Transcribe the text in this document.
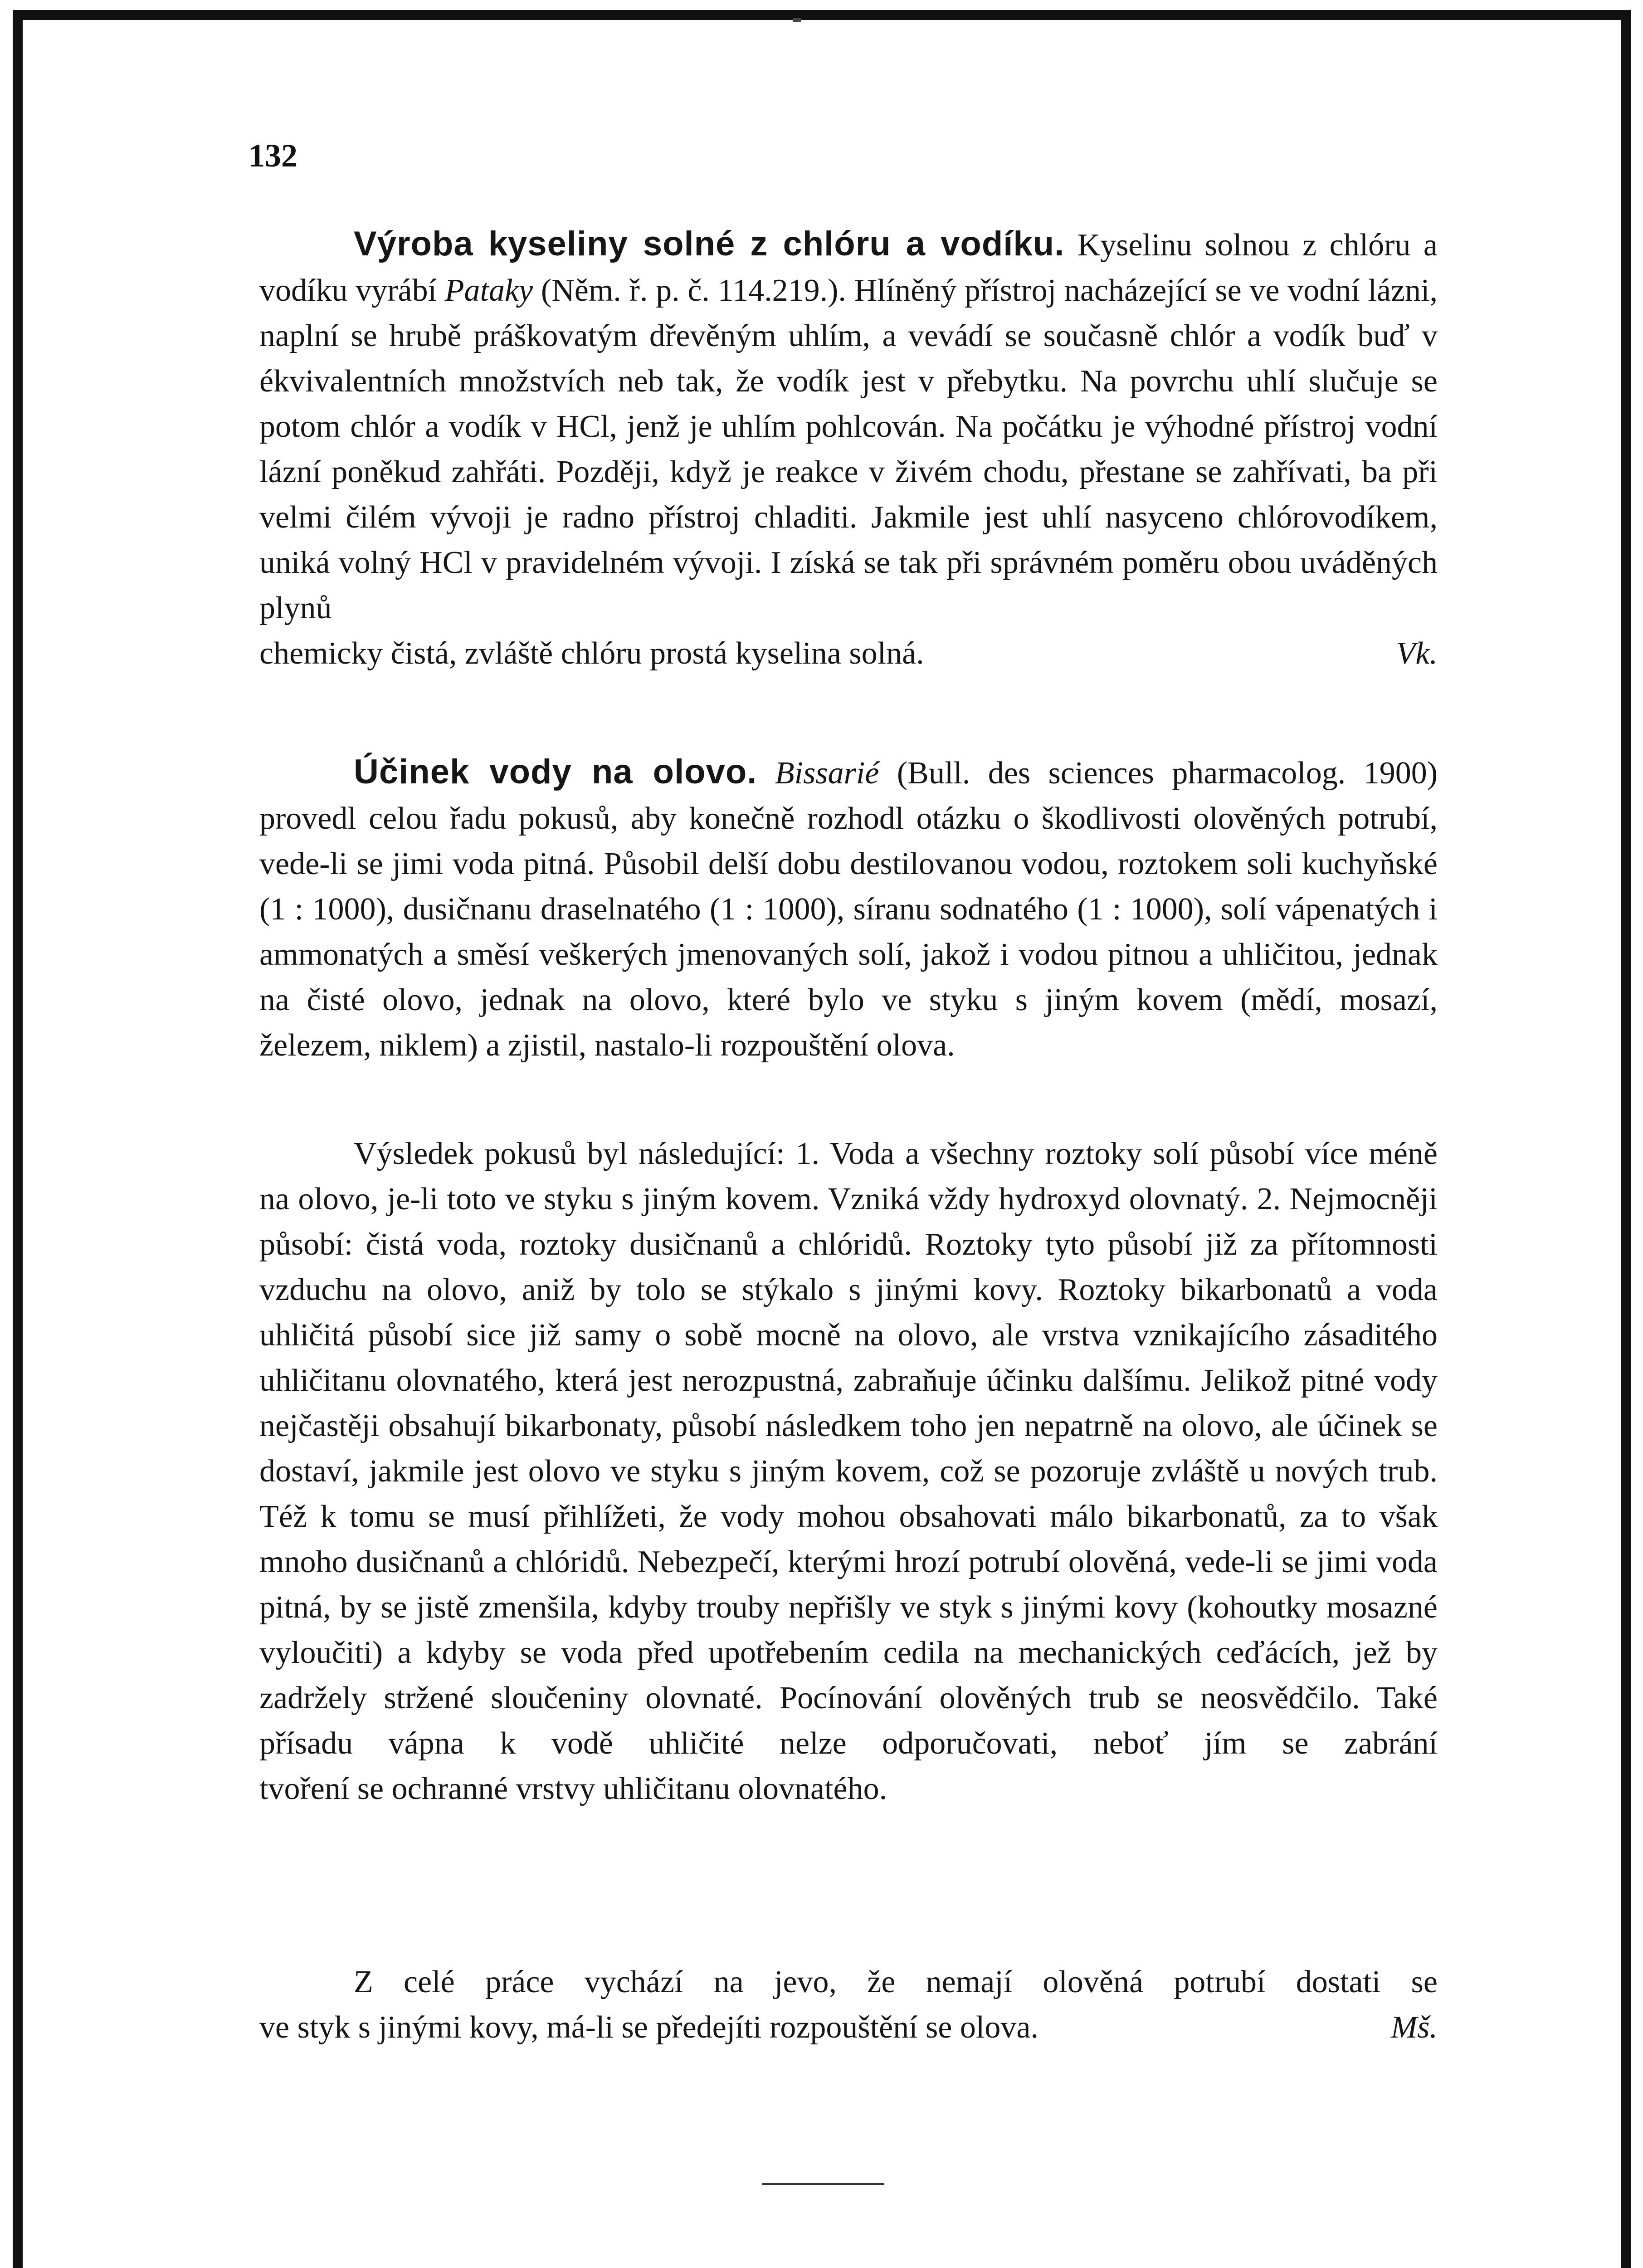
132

Výroba kyseliny solné z chlóru a vodíku. Kyselinu solnou z chlóru a vodíku vyrábí Pataky (Něm. ř. p. č. 114.219.). Hlíněný přístroj nacházející se ve vodní lázni, naplní se hrubě práškovatým dřevěným uhlím, a vevádí se současně chlór a vodík buď v ékvivalentních množstvích neb tak, že vodík jest v přebytku. Na povrchu uhlí slučuje se potom chlór a vodík v HCl, jenž je uhlím pohlcován. Na počátku je výhodné přístroj vodní lázní poněkud zahřáti. Později, když je reakce v živém chodu, přestane se zahřívati, ba při velmi čilém vývoji je radno přístroj chladiti. Jakmile jest uhlí nasyceno chlórovodíkem, uniká volný HCl v pravidelném vývoji. I získá se tak při správném poměru obou uváděných plynů
chemicky čistá, zvláště chlóru prostá kyselina solná.	Vk.

Účinek vody na olovo. Bissarié (Bull. des sciences pharmacolog. 1900) provedl celou řadu pokusů, aby konečně rozhodl otázku o škodlivosti olověných potrubí, vede-li se jimi voda pitná. Působil delší dobu destilovanou vodou, roztokem soli kuchyňské (1 : 1000), dusičnanu draselnatého (1 : 1000), síranu sodnatého (1 : 1000), solí vápenatých i ammonatých a směsí veškerých jmenovaných solí, jakož i vodou pitnou a uhličitou, jednak na čisté olovo, jednak na olovo, které bylo ve styku s jiným kovem (mědí, mosazí,
železem, niklem) a zjistil, nastalo-li rozpouštění olova.

Výsledek pokusů byl následující: 1. Voda a všechny roztoky solí působí více méně na olovo, je-li toto ve styku s jiným kovem. Vzniká vždy hydroxyd olovnatý. 2. Nejmocněji působí: čistá voda, roztoky dusičnanů a chlóridů. Roztoky tyto působí již za přítomnosti vzduchu na olovo, aniž by tolo se stýkalo s jinými kovy. Roztoky bikarbonatů a voda uhličitá působí sice již samy o sobě mocně na olovo, ale vrstva vznikajícího zásaditého uhličitanu olovnatého, která jest nerozpustná, zabraňuje účinku dalšímu. Jelikož pitné vody nejčastěji obsahují bikarbonaty, působí následkem toho jen nepatrně na olovo, ale účinek se dostaví, jakmile jest olovo ve styku s jiným kovem, což se pozoruje zvláště u nových trub. Též k tomu se musí přihlížeti, že vody mohou obsahovati málo bikarbonatů, za to však mnoho dusičnanů a chlóridů. Nebezpečí, kterými hrozí potrubí olověná, vede-li se jimi voda pitná, by se jistě zmenšila, kdyby trouby nepřišly ve styk s jinými kovy (kohoutky mosazné vyloučiti) a kdyby se voda před upotřebením cedila na mechanických ceďácích, jež by zadržely stržené sloučeniny olovnaté. Pocínování olověných trub se neosvědčilo. Také přísadu vápna k vodě uhličité nelze odporučovati, neboť jím se zabrání
tvoření se ochranné vrstvy uhličitanu olovnatého.

Z celé práce vychází na jevo, že nemají olověná potrubí dostati se
ve styk s jinými kovy, má-li se předejíti rozpouštění se olova.	Mš.
